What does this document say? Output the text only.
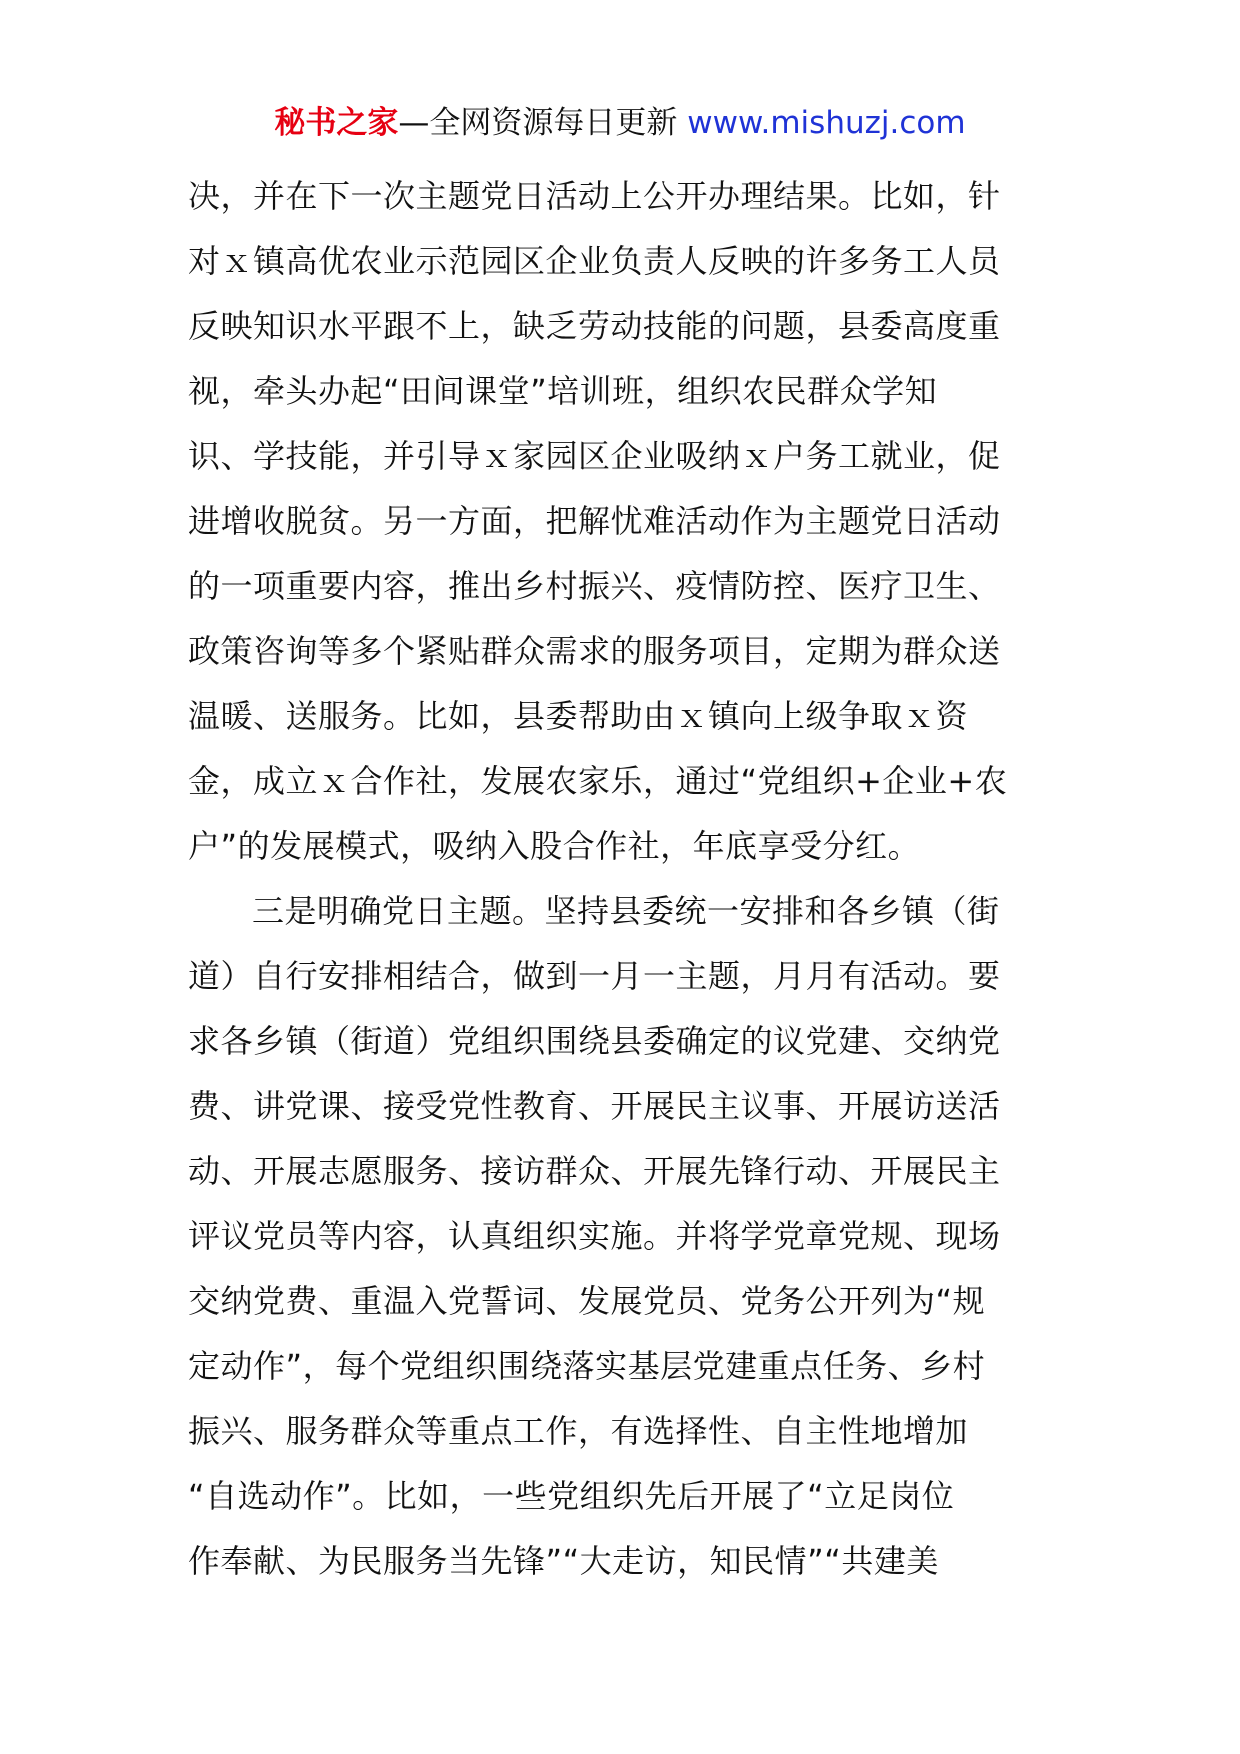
秘书之家—全网资源每日更新 www.mishuzj.com
决，并在下一次主题党日活动上公开办理结果。比如，针
对ｘ镇高优农业示范园区企业负责人反映的许多务工人员
反映知识水平跟不上，缺乏劳动技能的问题，县委高度重
视，牵头办起“田间课堂”培训班，组织农民群众学知
识、学技能，并引导ｘ家园区企业吸纳ｘ户务工就业，促
进增收脱贫。另一方面，把解忧难活动作为主题党日活动
的一项重要内容，推出乡村振兴、疫情防控、医疗卫生、
政策咨询等多个紧贴群众需求的服务项目，定期为群众送
温暖、送服务。比如，县委帮助由ｘ镇向上级争取ｘ资
金，成立ｘ合作社，发展农家乐，通过“党组织+企业+农
户”的发展模式，吸纳入股合作社，年底享受分红。
三是明确党日主题。坚持县委统一安排和各乡镇（街
道）自行安排相结合，做到一月一主题，月月有活动。要
求各乡镇（街道）党组织围绕县委确定的议党建、交纳党
费、讲党课、接受党性教育、开展民主议事、开展访送活
动、开展志愿服务、接访群众、开展先锋行动、开展民主
评议党员等内容，认真组织实施。并将学党章党规、现场
交纳党费、重温入党誓词、发展党员、党务公开列为“规
定动作”，每个党组织围绕落实基层党建重点任务、乡村
振兴、服务群众等重点工作，有选择性、自主性地增加
“自选动作”。比如，一些党组织先后开展了“立足岗位
作奉献、为民服务当先锋”“大走访，知民情”“共建美
